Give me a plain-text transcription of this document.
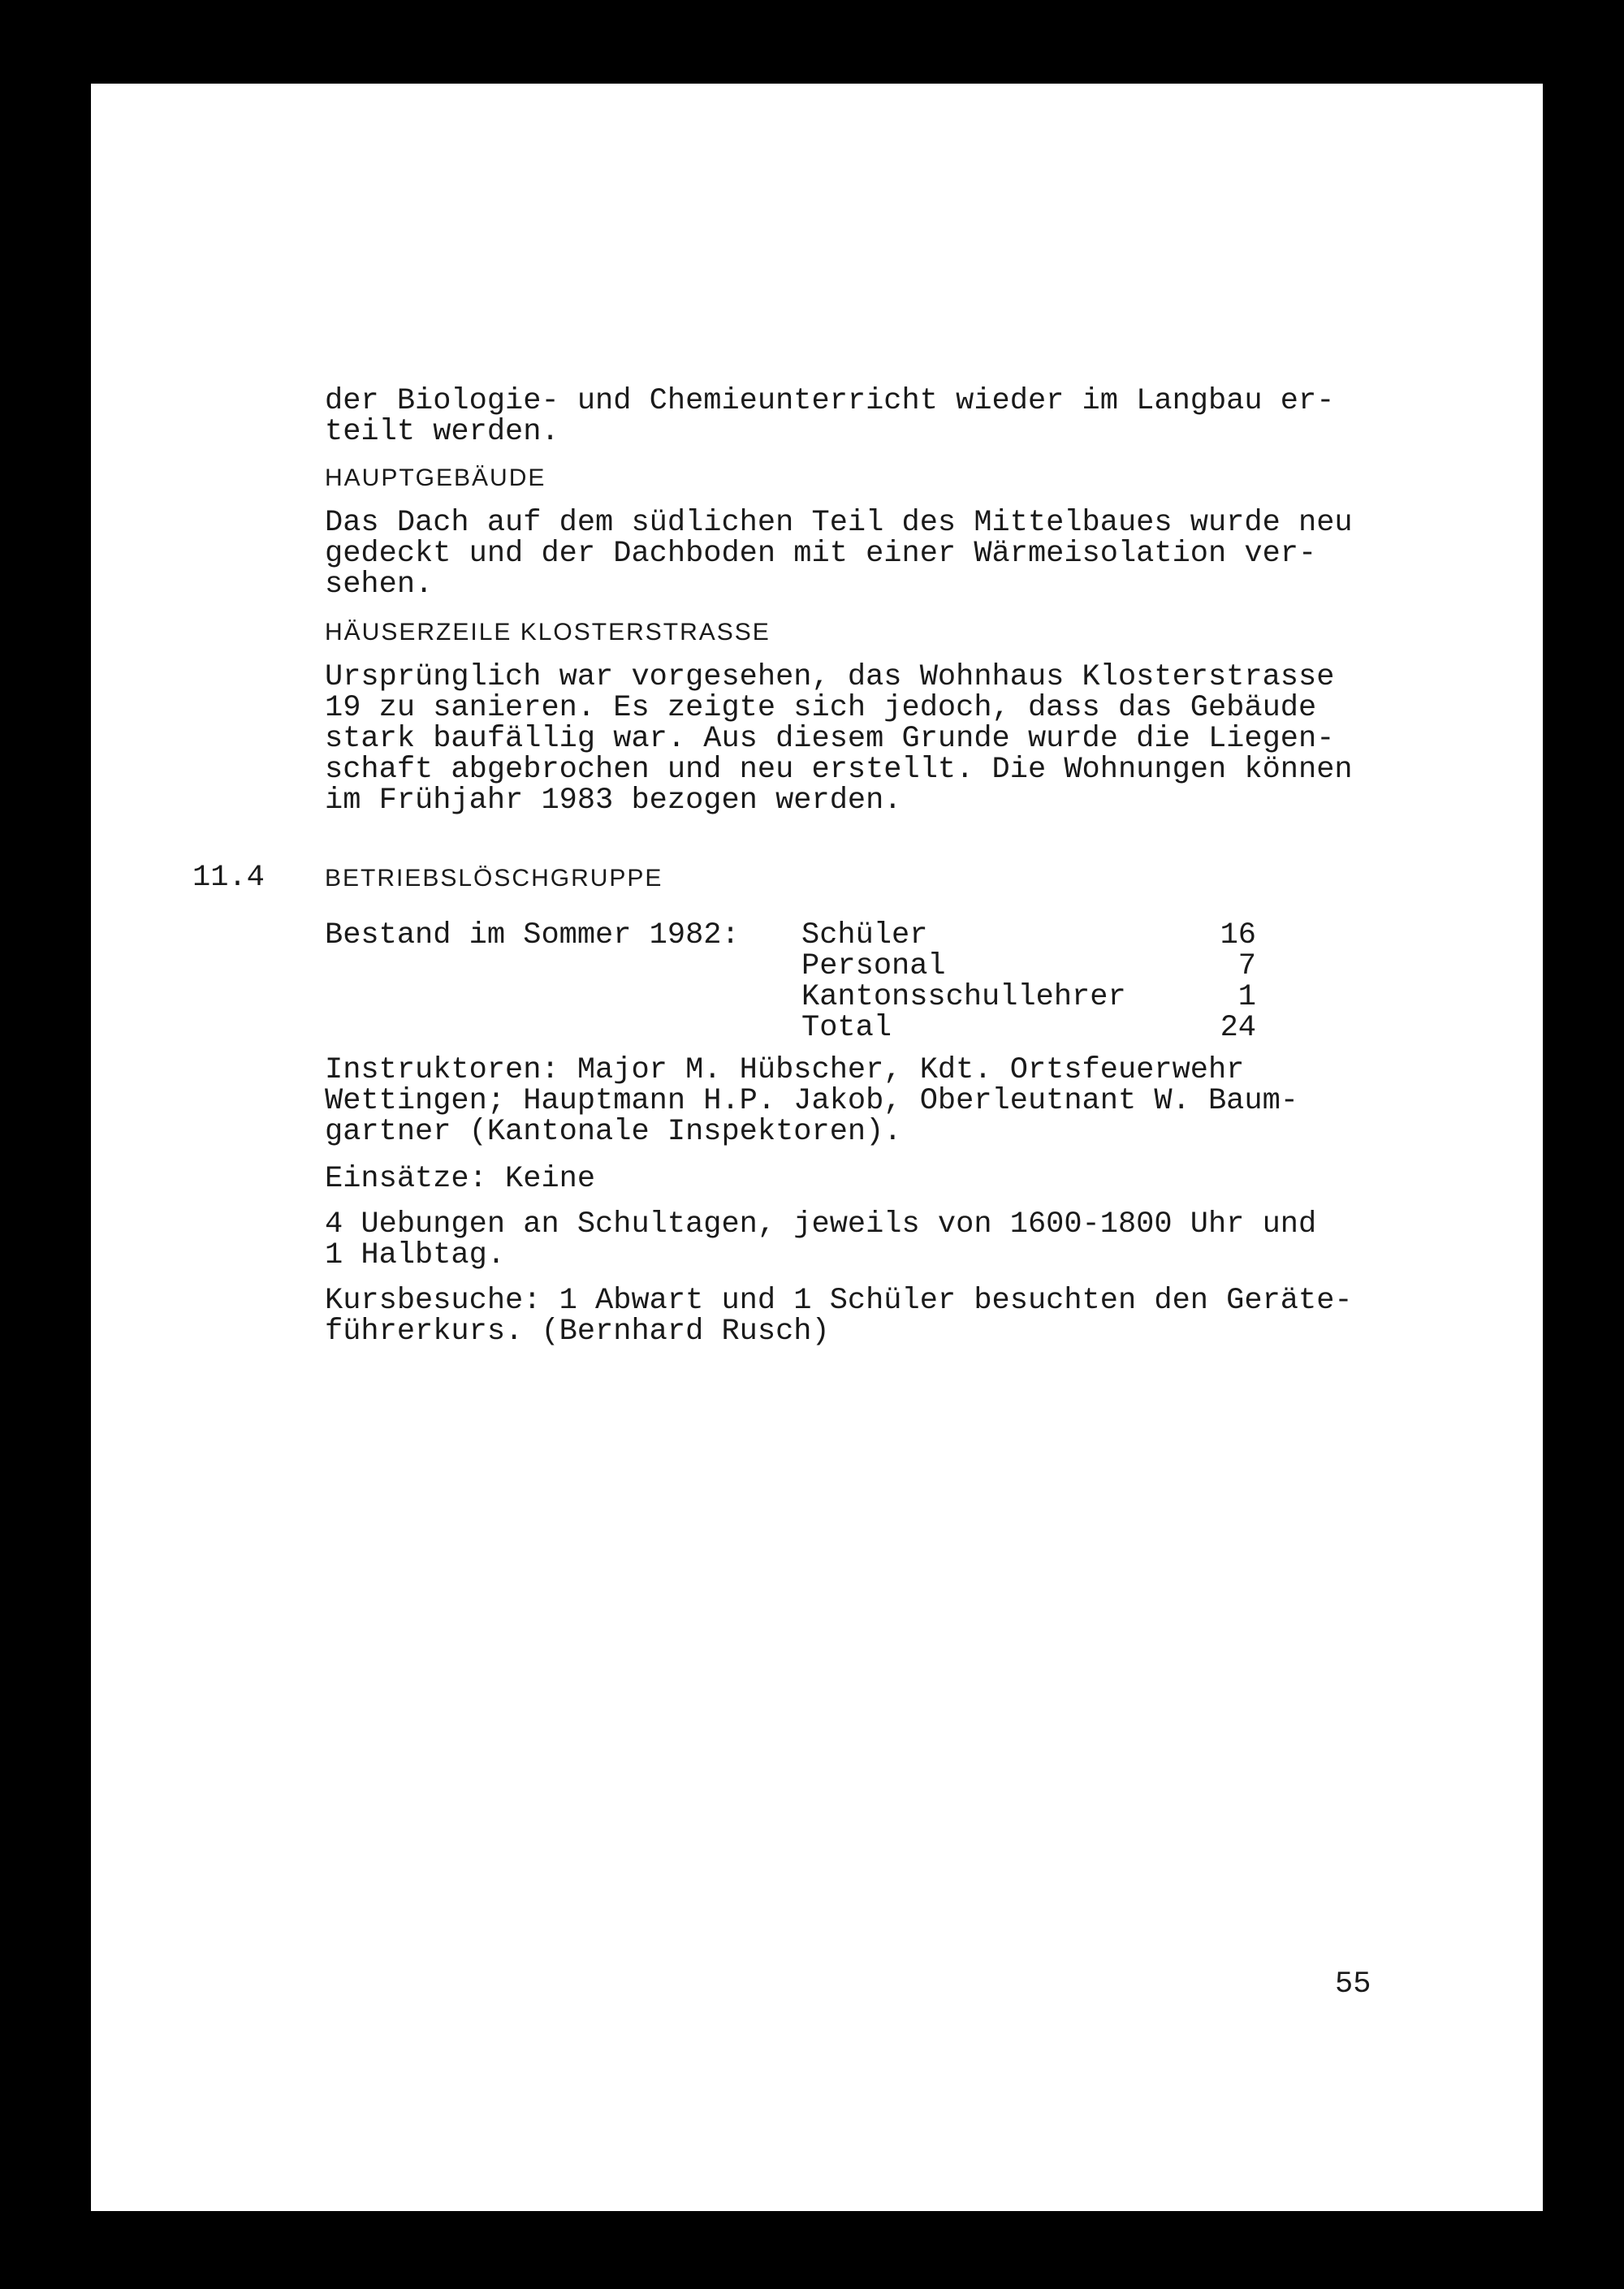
der Biologie- und Chemieunterricht wieder im Langbau er-

teilt werden.

HAUPTGEBÄUDE

Das Dach auf dem südlichen Teil des Mittelbaues wurde neu

gedeckt und der Dachboden mit einer Wärmeisolation ver-

sehen.

HÄUSERZEILE KLOSTERSTRASSE

Ursprünglich war vorgesehen, das Wohnhaus Klosterstrasse

19 zu sanieren. Es zeigte sich jedoch, dass das Gebäude

stark baufällig war. Aus diesem Grunde wurde die Liegen-

schaft abgebrochen und neu erstellt. Die Wohnungen können

im Frühjahr 1983 bezogen werden.

11.4 BETRIEBSLÖSCHGRUPPE

Bestand im Sommer 1982: Schüler	16
Personal	7
Kantonsschullehrer	1
Total	24

Instruktoren: Major M. Hübscher, Kdt. Ortsfeuerwehr

Wettingen; Hauptmann H.P. Jakob, Oberleutnant W. Baum-

gartner (Kantonale Inspektoren).

Einsätze: Keine

4 Uebungen an Schultagen, jeweils von 1600-1800 Uhr und

1 Halbtag.

Kursbesuche: 1 Abwart und 1 Schüler besuchten den Geräte-

führerkurs. (Bernhard Rusch)

55
